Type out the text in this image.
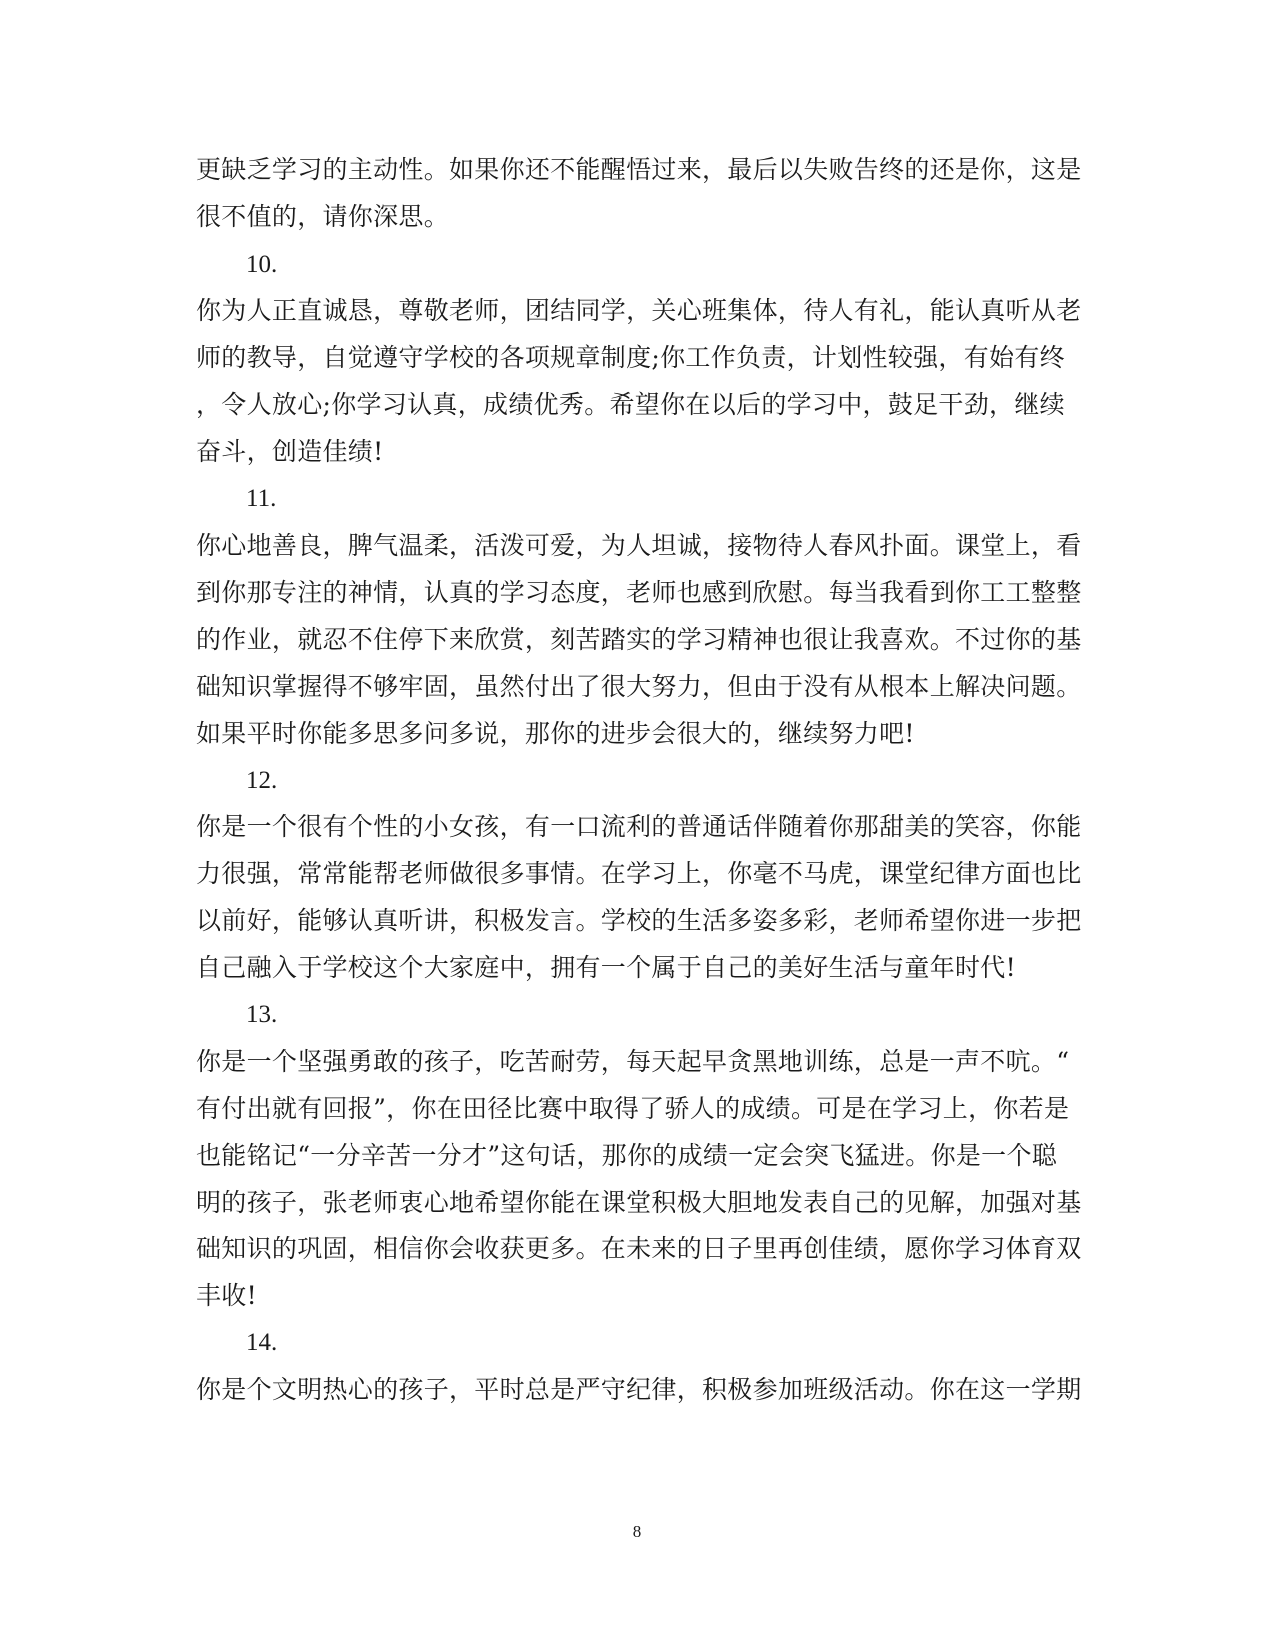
更缺乏学习的主动性。如果你还不能醒悟过来，最后以失败告终的还是你，这是
很不值的，请你深思。
10.
你为人正直诚恳，尊敬老师，团结同学，关心班集体，待人有礼，能认真听从老
师的教导，自觉遵守学校的各项规章制度;你工作负责，计划性较强，有始有终
，令人放心;你学习认真，成绩优秀。希望你在以后的学习中，鼓足干劲，继续
奋斗，创造佳绩!
11.
你心地善良，脾气温柔，活泼可爱，为人坦诚，接物待人春风扑面。课堂上，看
到你那专注的神情，认真的学习态度，老师也感到欣慰。每当我看到你工工整整
的作业，就忍不住停下来欣赏，刻苦踏实的学习精神也很让我喜欢。不过你的基
础知识掌握得不够牢固，虽然付出了很大努力，但由于没有从根本上解决问题。
如果平时你能多思多问多说，那你的进步会很大的，继续努力吧!
12.
你是一个很有个性的小女孩，有一口流利的普通话伴随着你那甜美的笑容，你能
力很强，常常能帮老师做很多事情。在学习上，你毫不马虎，课堂纪律方面也比
以前好，能够认真听讲，积极发言。学校的生活多姿多彩，老师希望你进一步把
自己融入于学校这个大家庭中，拥有一个属于自己的美好生活与童年时代!
13.
你是一个坚强勇敢的孩子，吃苦耐劳，每天起早贪黑地训练，总是一声不吭。“
有付出就有回报”，你在田径比赛中取得了骄人的成绩。可是在学习上，你若是
也能铭记“一分辛苦一分才”这句话，那你的成绩一定会突飞猛进。你是一个聪
明的孩子，张老师衷心地希望你能在课堂积极大胆地发表自己的见解，加强对基
础知识的巩固，相信你会收获更多。在未来的日子里再创佳绩，愿你学习体育双
丰收!
14.
你是个文明热心的孩子，平时总是严守纪律，积极参加班级活动。你在这一学期
8
